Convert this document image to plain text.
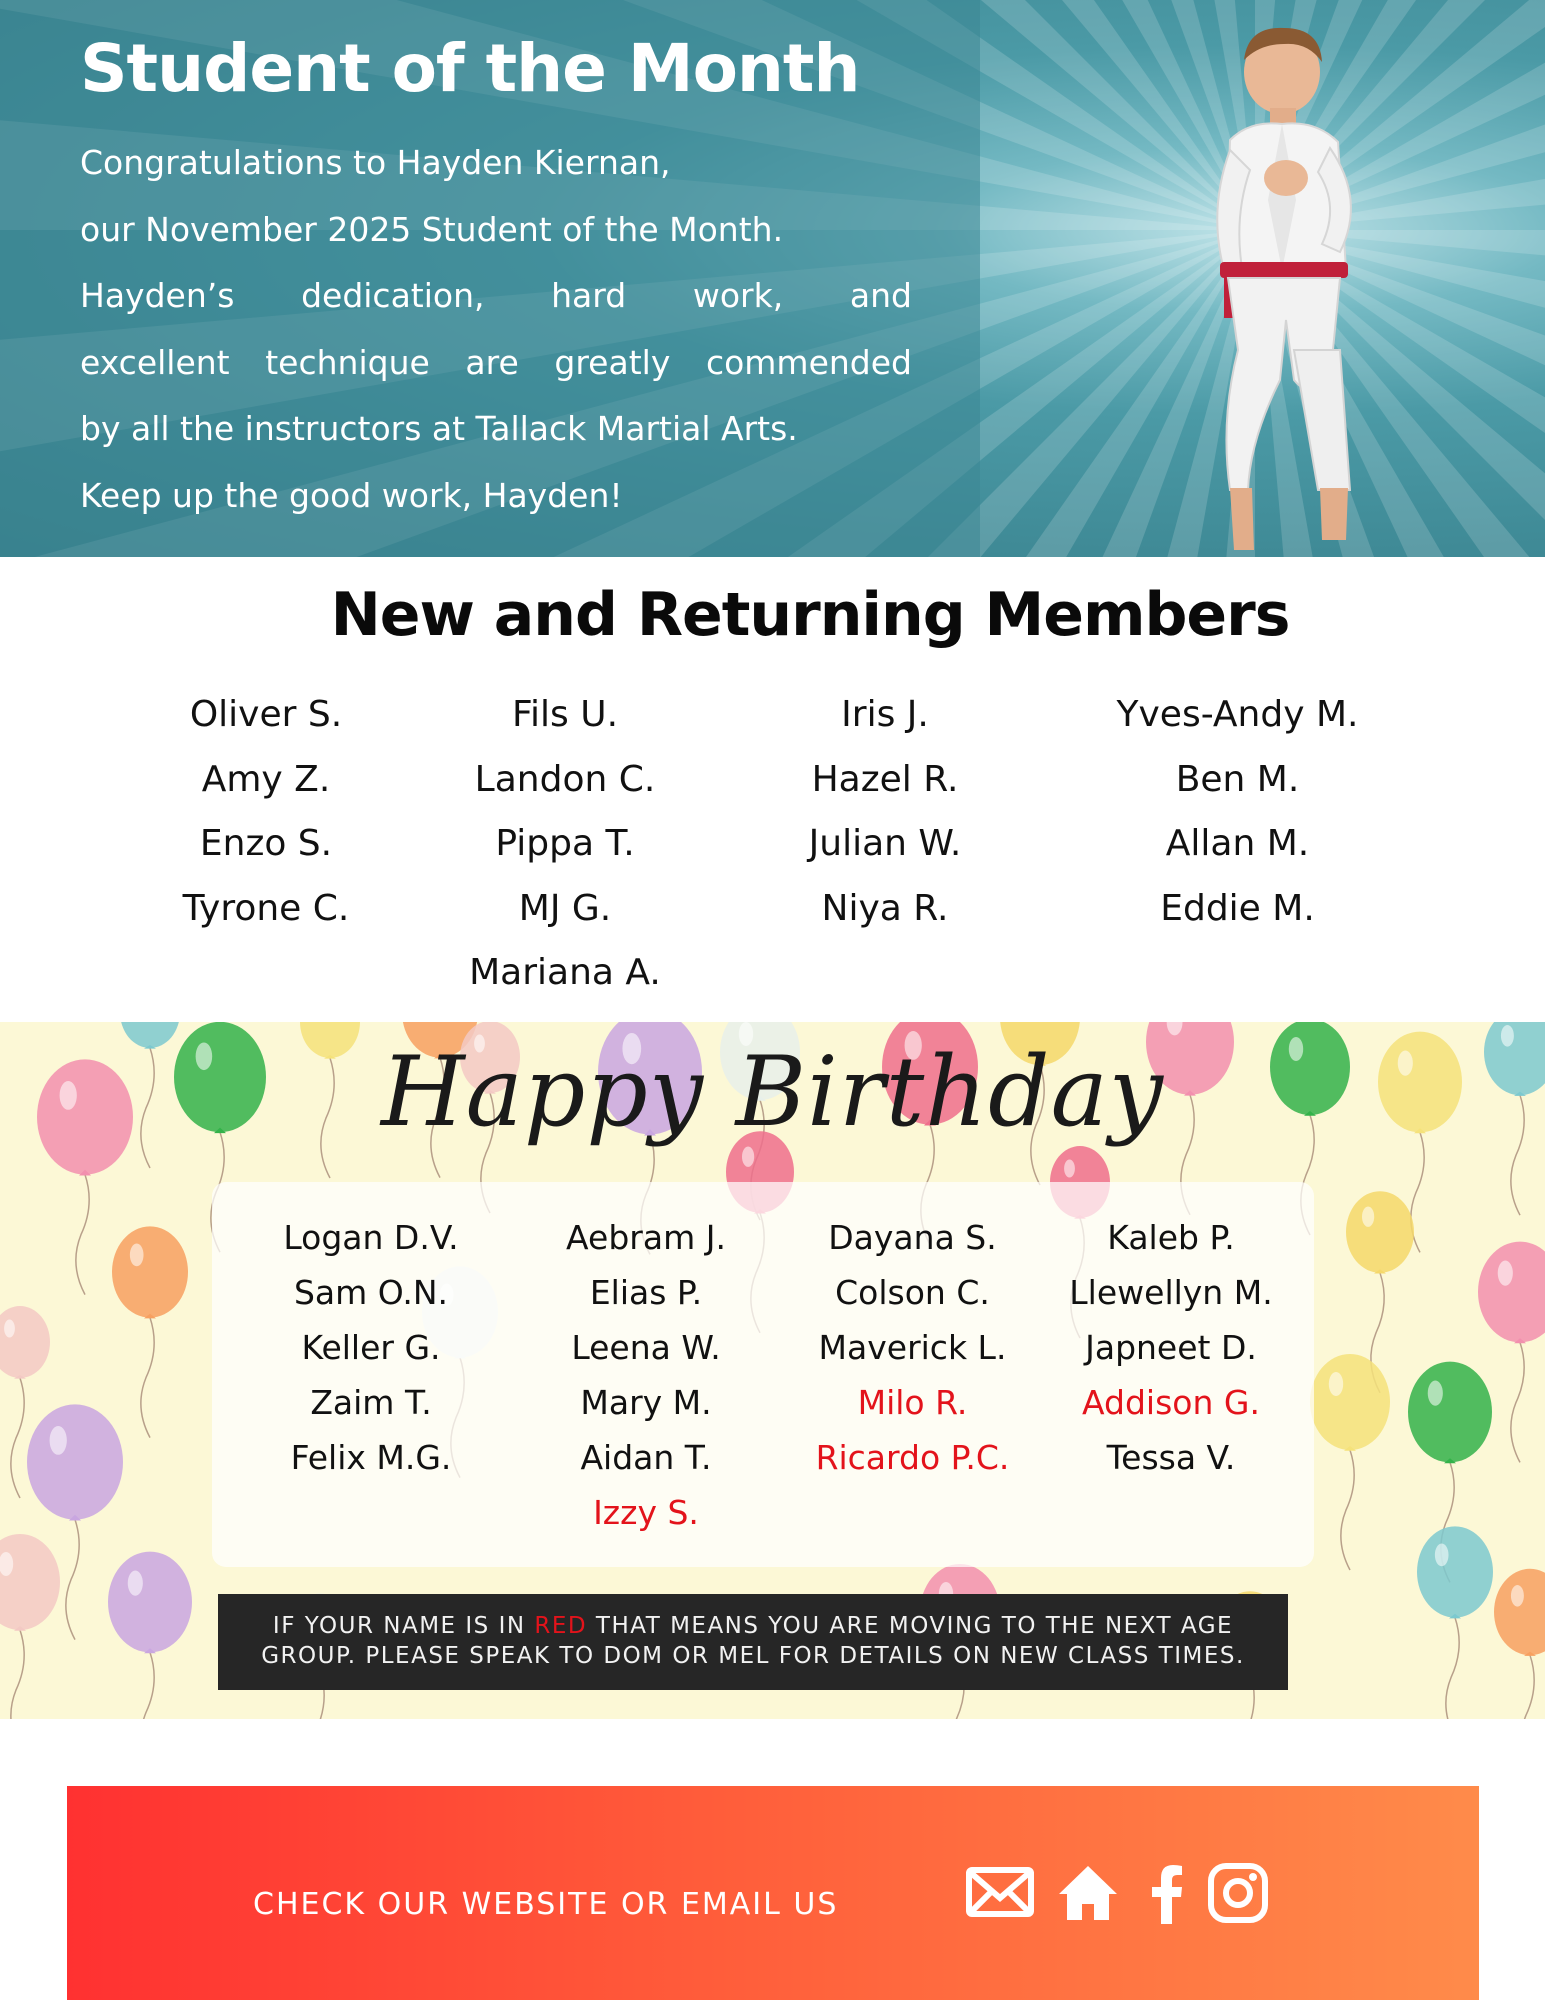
Student of the Month
Congratulations to Hayden Kiernan,
our November 2025 Student of the Month.
Hayden’s dedication, hard work, and
excellent technique are greatly commended
by all the instructors at Tallack Martial Arts.
Keep up the good work, Hayden!
New and Returning Members
Oliver S.
Amy Z.
Enzo S.
Tyrone C.
Fils U.
Landon C.
Pippa T.
MJ G.
Mariana A.
Iris J.
Hazel R.
Julian W.
Niya R.
Yves-Andy M.
Ben M.
Allan M.
Eddie M.
Happy Birthday
Logan D.V.
Sam O.N.
Keller G.
Zaim T.
Felix M.G.
Aebram J.
Elias P.
Leena W.
Mary M.
Aidan T.
Izzy S.
Dayana S.
Colson C.
Maverick L.
Milo R.
Ricardo P.C.
Kaleb P.
Llewellyn M.
Japneet D.
Addison G.
Tessa V.
IF YOUR NAME IS IN RED THAT MEANS YOU ARE MOVING TO THE NEXT AGE
GROUP. PLEASE SPEAK TO DOM OR MEL FOR DETAILS ON NEW CLASS TIMES.
CHECK OUR WEBSITE OR EMAIL US
